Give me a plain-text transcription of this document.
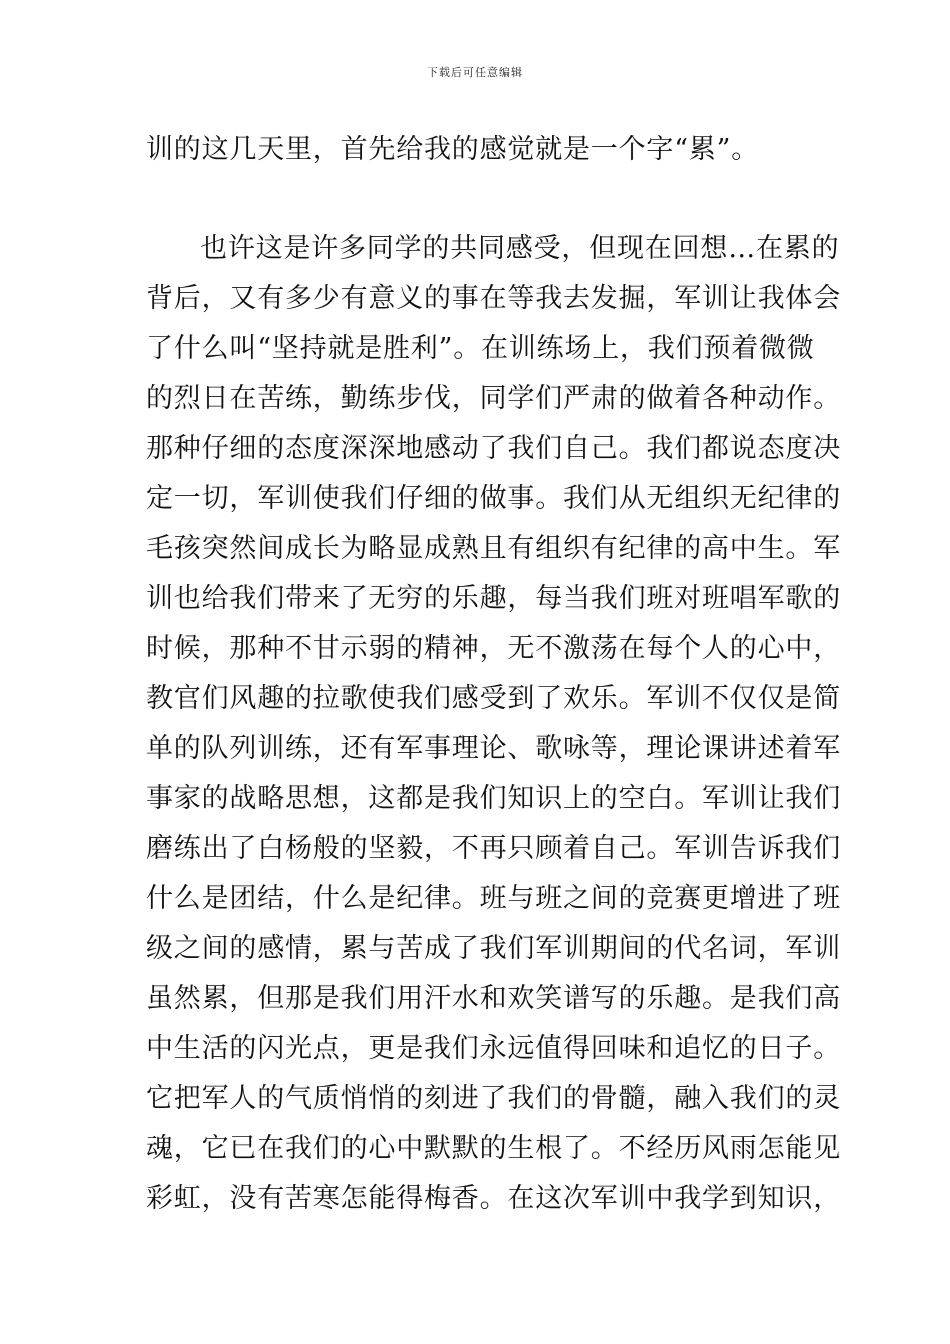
下载后可任意编辑
训的这几天里，首先给我的感觉就是一个字“累”。
也许这是许多同学的共同感受，但现在回想…在累的
背后，又有多少有意义的事在等我去发掘，军训让我体会
了什么叫“坚持就是胜利”。在训练场上，我们预着微微
的烈日在苦练，勤练步伐，同学们严肃的做着各种动作。
那种仔细的态度深深地感动了我们自己。我们都说态度决
定一切，军训使我们仔细的做事。我们从无组织无纪律的
毛孩突然间成长为略显成熟且有组织有纪律的高中生。军
训也给我们带来了无穷的乐趣，每当我们班对班唱军歌的
时候，那种不甘示弱的精神，无不激荡在每个人的心中，
教官们风趣的拉歌使我们感受到了欢乐。军训不仅仅是简
单的队列训练，还有军事理论、歌咏等，理论课讲述着军
事家的战略思想，这都是我们知识上的空白。军训让我们
磨练出了白杨般的坚毅，不再只顾着自己。军训告诉我们
什么是团结，什么是纪律。班与班之间的竞赛更增进了班
级之间的感情，累与苦成了我们军训期间的代名词，军训
虽然累，但那是我们用汗水和欢笑谱写的乐趣。是我们高
中生活的闪光点，更是我们永远值得回味和追忆的日子。
它把军人的气质悄悄的刻进了我们的骨髓，融入我们的灵
魂，它已在我们的心中默默的生根了。不经历风雨怎能见
彩虹，没有苦寒怎能得梅香。在这次军训中我学到知识，
